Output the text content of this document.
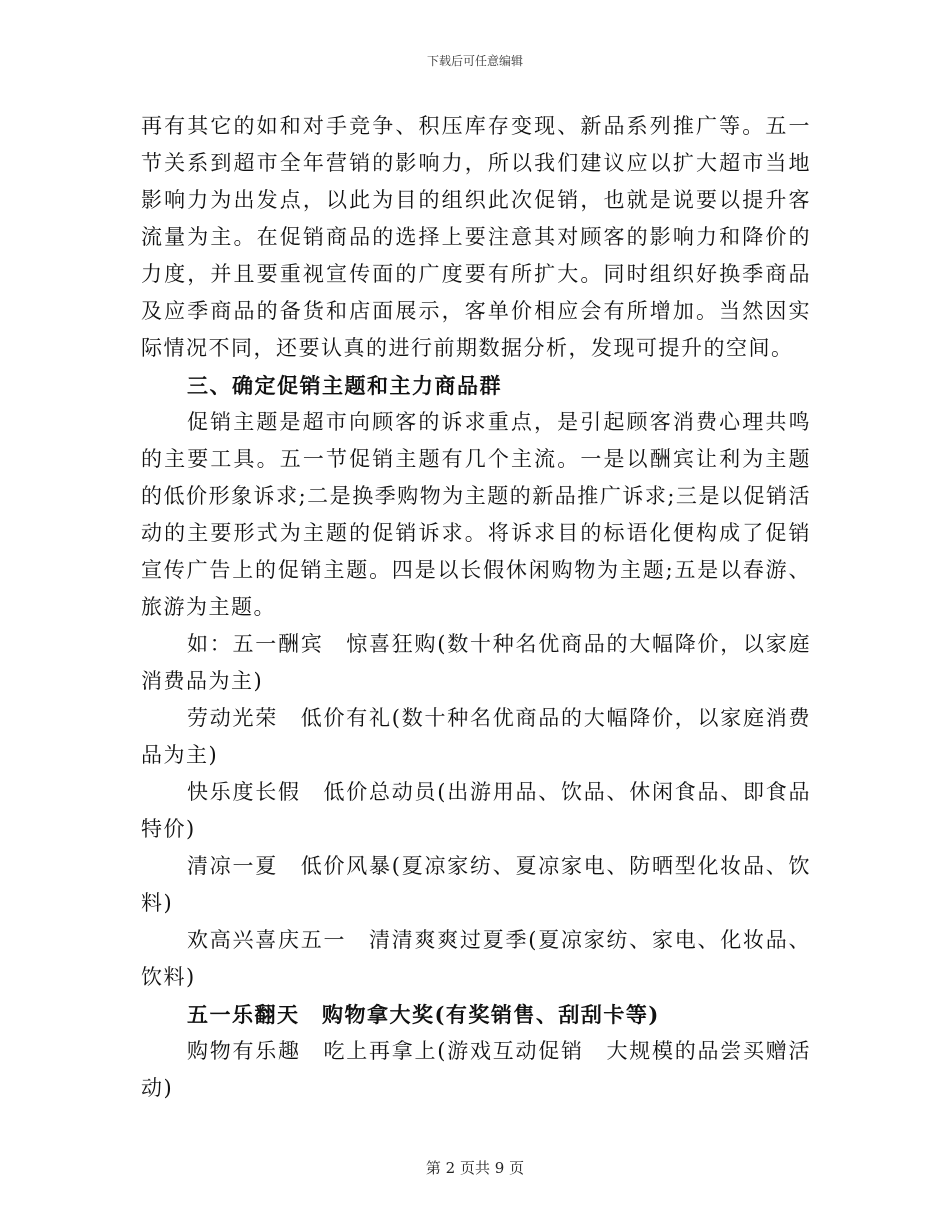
下载后可任意编辑

再有其它的如和对手竞争、积压库存变现、新品系列推广等。五一节关系到超市全年营销的影响力，所以我们建议应以扩大超市当地影响力为出发点，以此为目的组织此次促销，也就是说要以提升客流量为主。在促销商品的选择上要注意其对顾客的影响力和降价的力度，并且要重视宣传面的广度要有所扩大。同时组织好换季商品及应季商品的备货和店面展示，客单价相应会有所增加。当然因实际情况不同，还要认真的进行前期数据分析，发现可提升的空间。

三、确定促销主题和主力商品群

促销主题是超市向顾客的诉求重点，是引起顾客消费心理共鸣的主要工具。五一节促销主题有几个主流。一是以酬宾让利为主题的低价形象诉求;二是换季购物为主题的新品推广诉求;三是以促销活动的主要形式为主题的促销诉求。将诉求目的标语化便构成了促销宣传广告上的促销主题。四是以长假休闲购物为主题;五是以春游、旅游为主题。

如：五一酬宾　惊喜狂购(数十种名优商品的大幅降价，以家庭消费品为主)

劳动光荣　低价有礼(数十种名优商品的大幅降价，以家庭消费品为主)

快乐度长假　低价总动员(出游用品、饮品、休闲食品、即食品特价)

清凉一夏　低价风暴(夏凉家纺、夏凉家电、防晒型化妆品、饮料)

欢高兴喜庆五一　清清爽爽过夏季(夏凉家纺、家电、化妆品、饮料)

五一乐翻天　购物拿大奖(有奖销售、刮刮卡等)

购物有乐趣　吃上再拿上(游戏互动促销　大规模的品尝买赠活动)

第 2 页共 9 页
